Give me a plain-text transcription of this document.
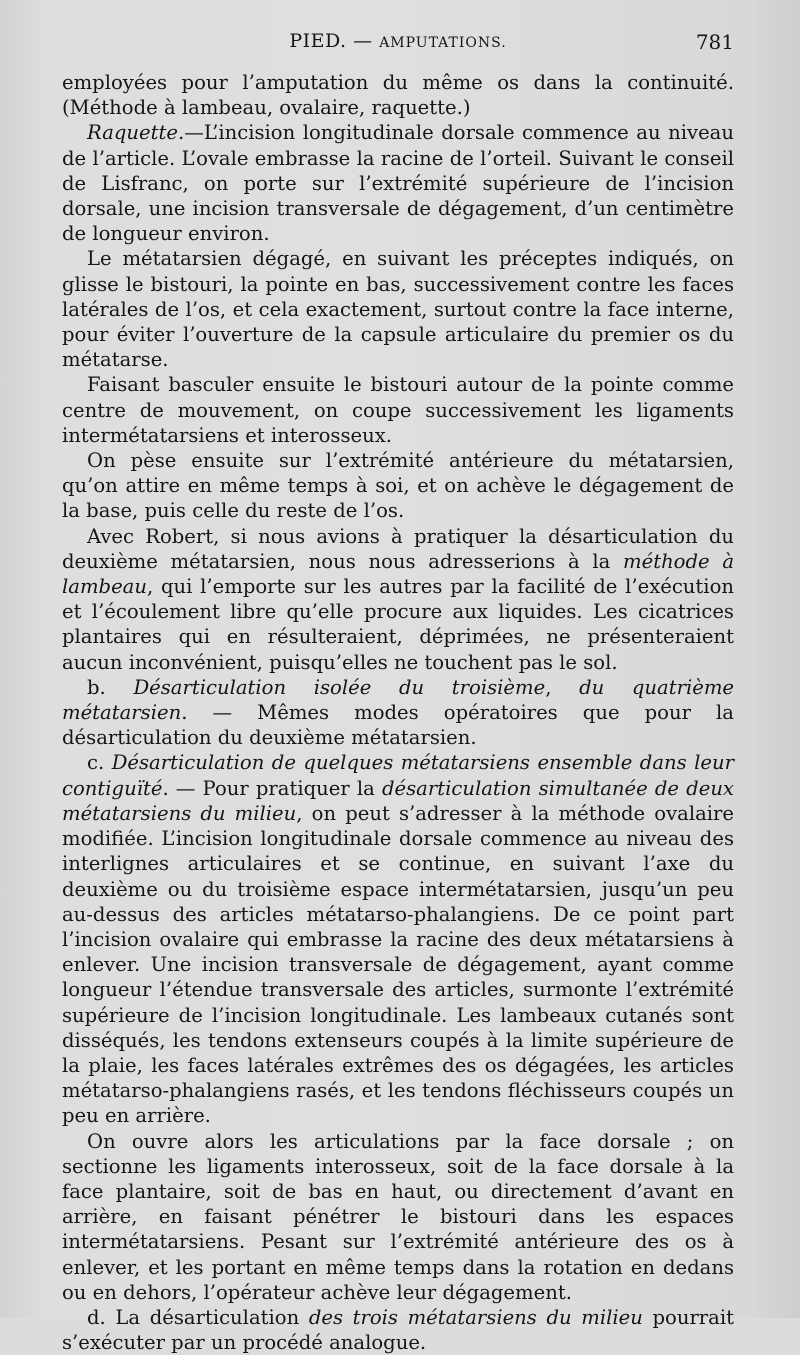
PIED. — AMPUTATIONS.	781

employées pour l’amputation du même os dans la continuité. (Méthode à lambeau, ovalaire, raquette.)

Raquette.—L’incision longitudinale dorsale commence au niveau de l’article. L’ovale embrasse la racine de l’orteil. Suivant le conseil de Lisfranc, on porte sur l’extrémité supérieure de l’incision dorsale, une incision transversale de dégagement, d’un centimètre de longueur environ.

Le métatarsien dégagé, en suivant les préceptes indiqués, on glisse le bistouri, la pointe en bas, successivement contre les faces latérales de l’os, et cela exactement, surtout contre la face interne, pour éviter l’ouverture de la capsule articulaire du premier os du métatarse.

Faisant basculer ensuite le bistouri autour de la pointe comme centre de mouvement, on coupe successivement les ligaments intermétatarsiens et interosseux.

On pèse ensuite sur l’extrémité antérieure du métatarsien, qu’on attire en même temps à soi, et on achève le dégagement de la base, puis celle du reste de l’os.

Avec Robert, si nous avions à pratiquer la désarticulation du deuxième métatarsien, nous nous adresserions à la méthode à lambeau, qui l’emporte sur les autres par la facilité de l’exécution et l’écoulement libre qu’elle procure aux liquides. Les cicatrices plantaires qui en résulteraient, déprimées, ne présenteraient aucun inconvénient, puisqu’elles ne touchent pas le sol.

b. Désarticulation isolée du troisième, du quatrième métatarsien. — Mêmes modes opératoires que pour la désarticulation du deuxième métatarsien.

c. Désarticulation de quelques métatarsiens ensemble dans leur contiguïté. — Pour pratiquer la désarticulation simultanée de deux métatarsiens du milieu, on peut s’adresser à la méthode ovalaire modifiée. L’incision longitudinale dorsale commence au niveau des interlignes articulaires et se continue, en suivant l’axe du deuxième ou du troisième espace intermétatarsien, jusqu’un peu au-dessus des articles métatarso-phalangiens. De ce point part l’incision ovalaire qui embrasse la racine des deux métatarsiens à enlever. Une incision transversale de dégagement, ayant comme longueur l’étendue transversale des articles, surmonte l’extrémité supérieure de l’incision longitudinale. Les lambeaux cutanés sont disséqués, les tendons extenseurs coupés à la limite supérieure de la plaie, les faces latérales extrêmes des os dégagées, les articles métatarso-phalangiens rasés, et les tendons fléchisseurs coupés un peu en arrière.

On ouvre alors les articulations par la face dorsale ; on sectionne les ligaments interosseux, soit de la face dorsale à la face plantaire, soit de bas en haut, ou directement d’avant en arrière, en faisant pénétrer le bistouri dans les espaces intermétatarsiens. Pesant sur l’extrémité antérieure des os à enlever, et les portant en même temps dans la rotation en dedans ou en dehors, l’opérateur achève leur dégagement.

d. La désarticulation des trois métatarsiens du milieu pourrait s’exécuter par un procédé analogue.
